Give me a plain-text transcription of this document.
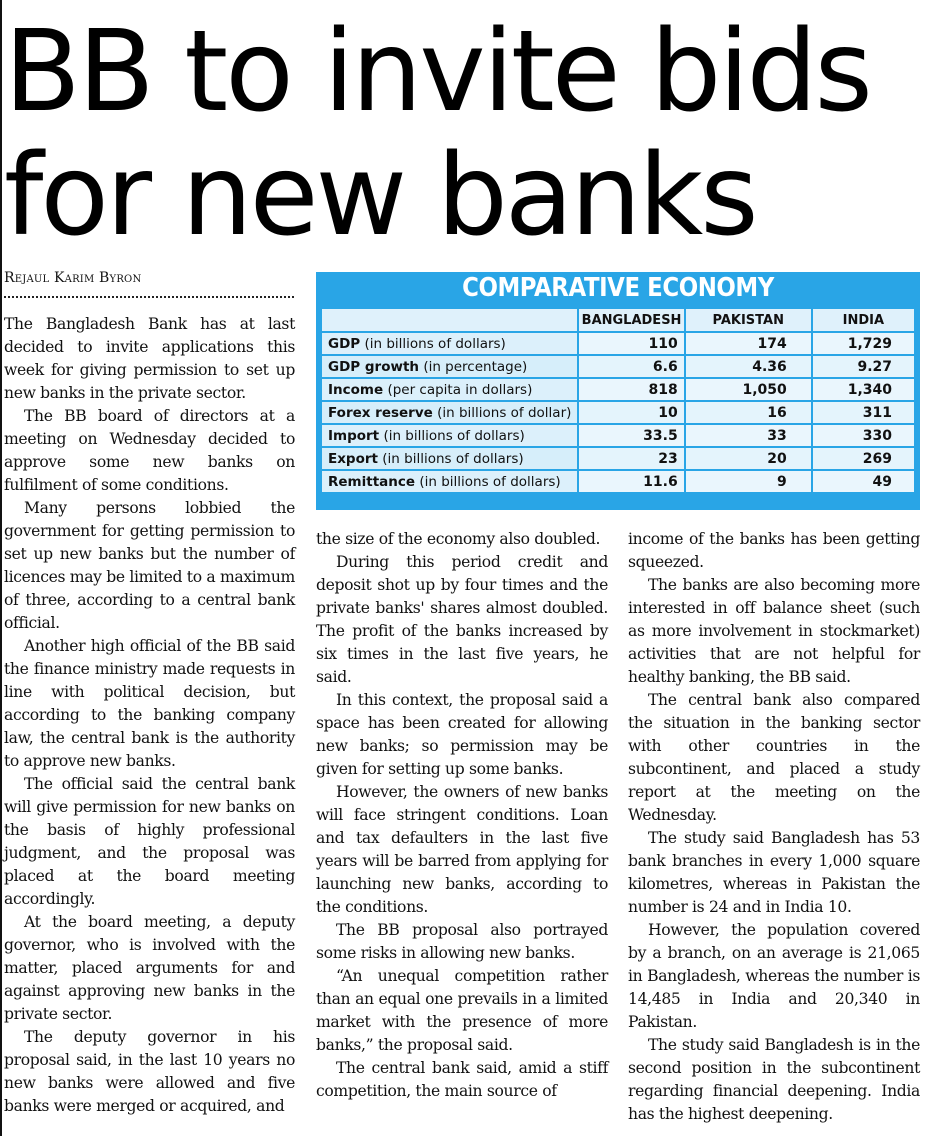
BB to invite bids
for new banks
Rejaul Karim Byron

The Bangladesh Bank has at last decided to invite applications this week for giving permission to set up new banks in the private sector.

The BB board of directors at a meeting on Wednesday decided to approve some new banks on fulfilment of some conditions.

Many persons lobbied the government for getting permission to set up new banks but the number of licences may be limited to a maximum of three, according to a central bank official.

Another high official of the BB said the finance ministry made requests in line with political decision, but according to the banking company law, the central bank is the authority to approve new banks.

The official said the central bank will give permission for new banks on the basis of highly professional judgment, and the proposal was placed at the board meeting accordingly.

At the board meeting, a deputy governor, who is involved with the matter, placed arguments for and against approving new banks in the private sector.

The deputy governor in his proposal said, in the last 10 years no new banks were allowed and five banks were merged or acquired, and

COMPARATIVE ECONOMY
	BANGLADESH	PAKISTAN	INDIA
GDP (in billions of dollars)	110	174	1,729
GDP growth (in percentage)	6.6	4.36	9.27
Income (per capita in dollars)	818	1,050	1,340
Forex reserve (in billions of dollar)	10	16	311
Import (in billions of dollars)	33.5	33	330
Export (in billions of dollars)	23	20	269
Remittance (in billions of dollars)	11.6	9	49

the size of the economy also doubled.

During this period credit and deposit shot up by four times and the private banks' shares almost doubled. The profit of the banks increased by six times in the last five years, he said.

In this context, the proposal said a space has been created for allowing new banks; so permission may be given for setting up some banks.

However, the owners of new banks will face stringent conditions. Loan and tax defaulters in the last five years will be barred from applying for launching new banks, according to the conditions.

The BB proposal also portrayed some risks in allowing new banks.

“An unequal competition rather than an equal one prevails in a limited market with the presence of more banks,” the proposal said.

The central bank said, amid a stiff competition, the main source of

income of the banks has been getting squeezed.

The banks are also becoming more interested in off balance sheet (such as more involvement in stockmarket) activities that are not helpful for healthy banking, the BB said.

The central bank also compared the situation in the banking sector with other countries in the subcontinent, and placed a study report at the meeting on the Wednesday.

The study said Bangladesh has 53 bank branches in every 1,000 square kilometres, whereas in Pakistan the number is 24 and in India 10.

However, the population covered by a branch, on an average is 21,065 in Bangladesh, whereas the number is 14,485 in India and 20,340 in Pakistan.

The study said Bangladesh is in the second position in the subcontinent regarding financial deepening. India has the highest deepening.
